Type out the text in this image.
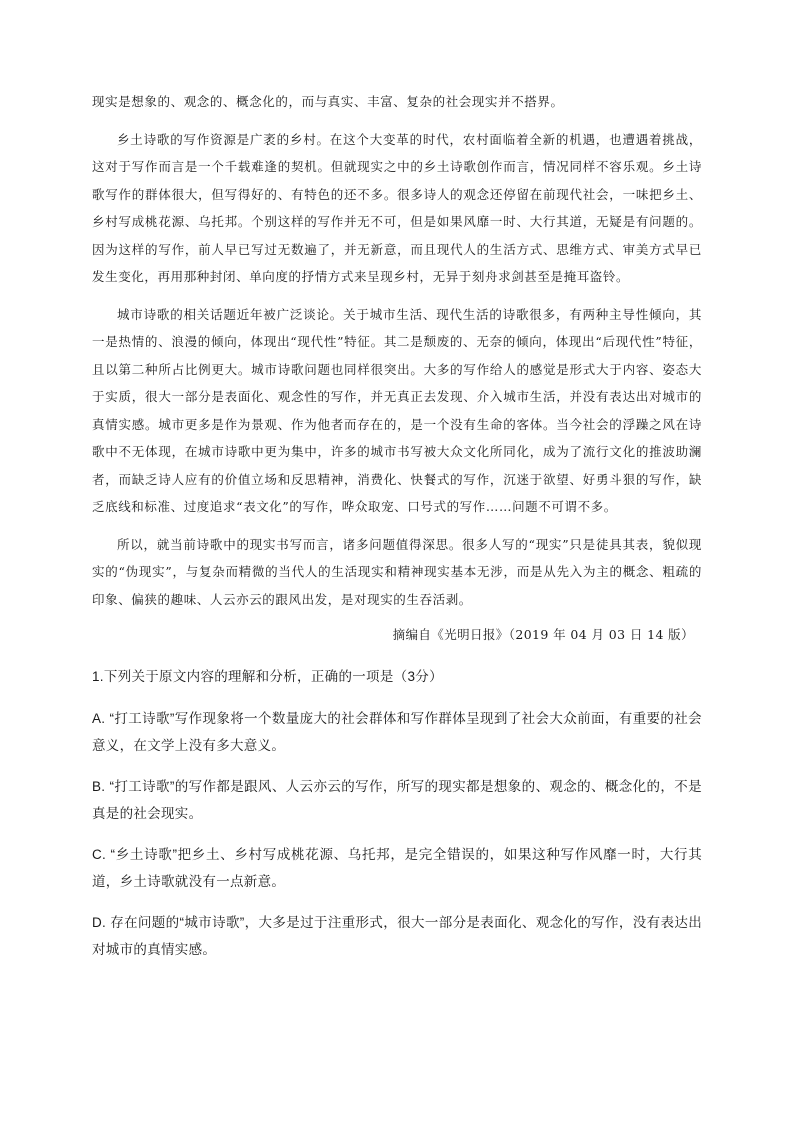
现实是想象的、观念的、概念化的，而与真实、丰富、复杂的社会现实并不搭界。

乡土诗歌的写作资源是广袤的乡村。在这个大变革的时代，农村面临着全新的机遇，也遭遇着挑战，这对于写作而言是一个千载难逢的契机。但就现实之中的乡土诗歌创作而言，情况同样不容乐观。乡土诗歌写作的群体很大，但写得好的、有特色的还不多。很多诗人的观念还停留在前现代社会，一味把乡土、乡村写成桃花源、乌托邦。个别这样的写作并无不可，但是如果风靡一时、大行其道，无疑是有问题的。因为这样的写作，前人早已写过无数遍了，并无新意，而且现代人的生活方式、思维方式、审美方式早已发生变化，再用那种封闭、单向度的抒情方式来呈现乡村，无异于刻舟求剑甚至是掩耳盗铃。

城市诗歌的相关话题近年被广泛谈论。关于城市生活、现代生活的诗歌很多，有两种主导性倾向，其一是热情的、浪漫的倾向，体现出“现代性”特征。其二是颓废的、无奈的倾向，体现出“后现代性”特征，且以第二种所占比例更大。城市诗歌问题也同样很突出。大多的写作给人的感觉是形式大于内容、姿态大于实质，很大一部分是表面化、观念性的写作，并无真正去发现、介入城市生活，并没有表达出对城市的真情实感。城市更多是作为景观、作为他者而存在的，是一个没有生命的客体。当今社会的浮躁之风在诗歌中不无体现，在城市诗歌中更为集中，许多的城市书写被大众文化所同化，成为了流行文化的推波助澜者，而缺乏诗人应有的价值立场和反思精神，消费化、快餐式的写作，沉迷于欲望、好勇斗狠的写作，缺乏底线和标准、过度追求“表文化”的写作，哗众取宠、口号式的写作……问题不可谓不多。

所以，就当前诗歌中的现实书写而言，诸多问题值得深思。很多人写的“现实”只是徒具其表，貌似现实的“伪现实”，与复杂而精微的当代人的生活现实和精神现实基本无涉，而是从先入为主的概念、粗疏的印象、偏狭的趣味、人云亦云的跟风出发，是对现实的生吞活剥。

摘编自《光明日报》（2019 年 04 月 03 日 14 版）
1.下列关于原文内容的理解和分析，正确的一项是（3分）
A. “打工诗歌”写作现象将一个数量庞大的社会群体和写作群体呈现到了社会大众前面，有重要的社会意义，在文学上没有多大意义。
B. “打工诗歌”的写作都是跟风、人云亦云的写作，所写的现实都是想象的、观念的、概念化的，不是真是的社会现实。
C. “乡土诗歌”把乡土、乡村写成桃花源、乌托邦，是完全错误的，如果这种写作风靡一时，大行其道，乡土诗歌就没有一点新意。
D. 存在问题的“城市诗歌”，大多是过于注重形式，很大一部分是表面化、观念化的写作，没有表达出对城市的真情实感。
